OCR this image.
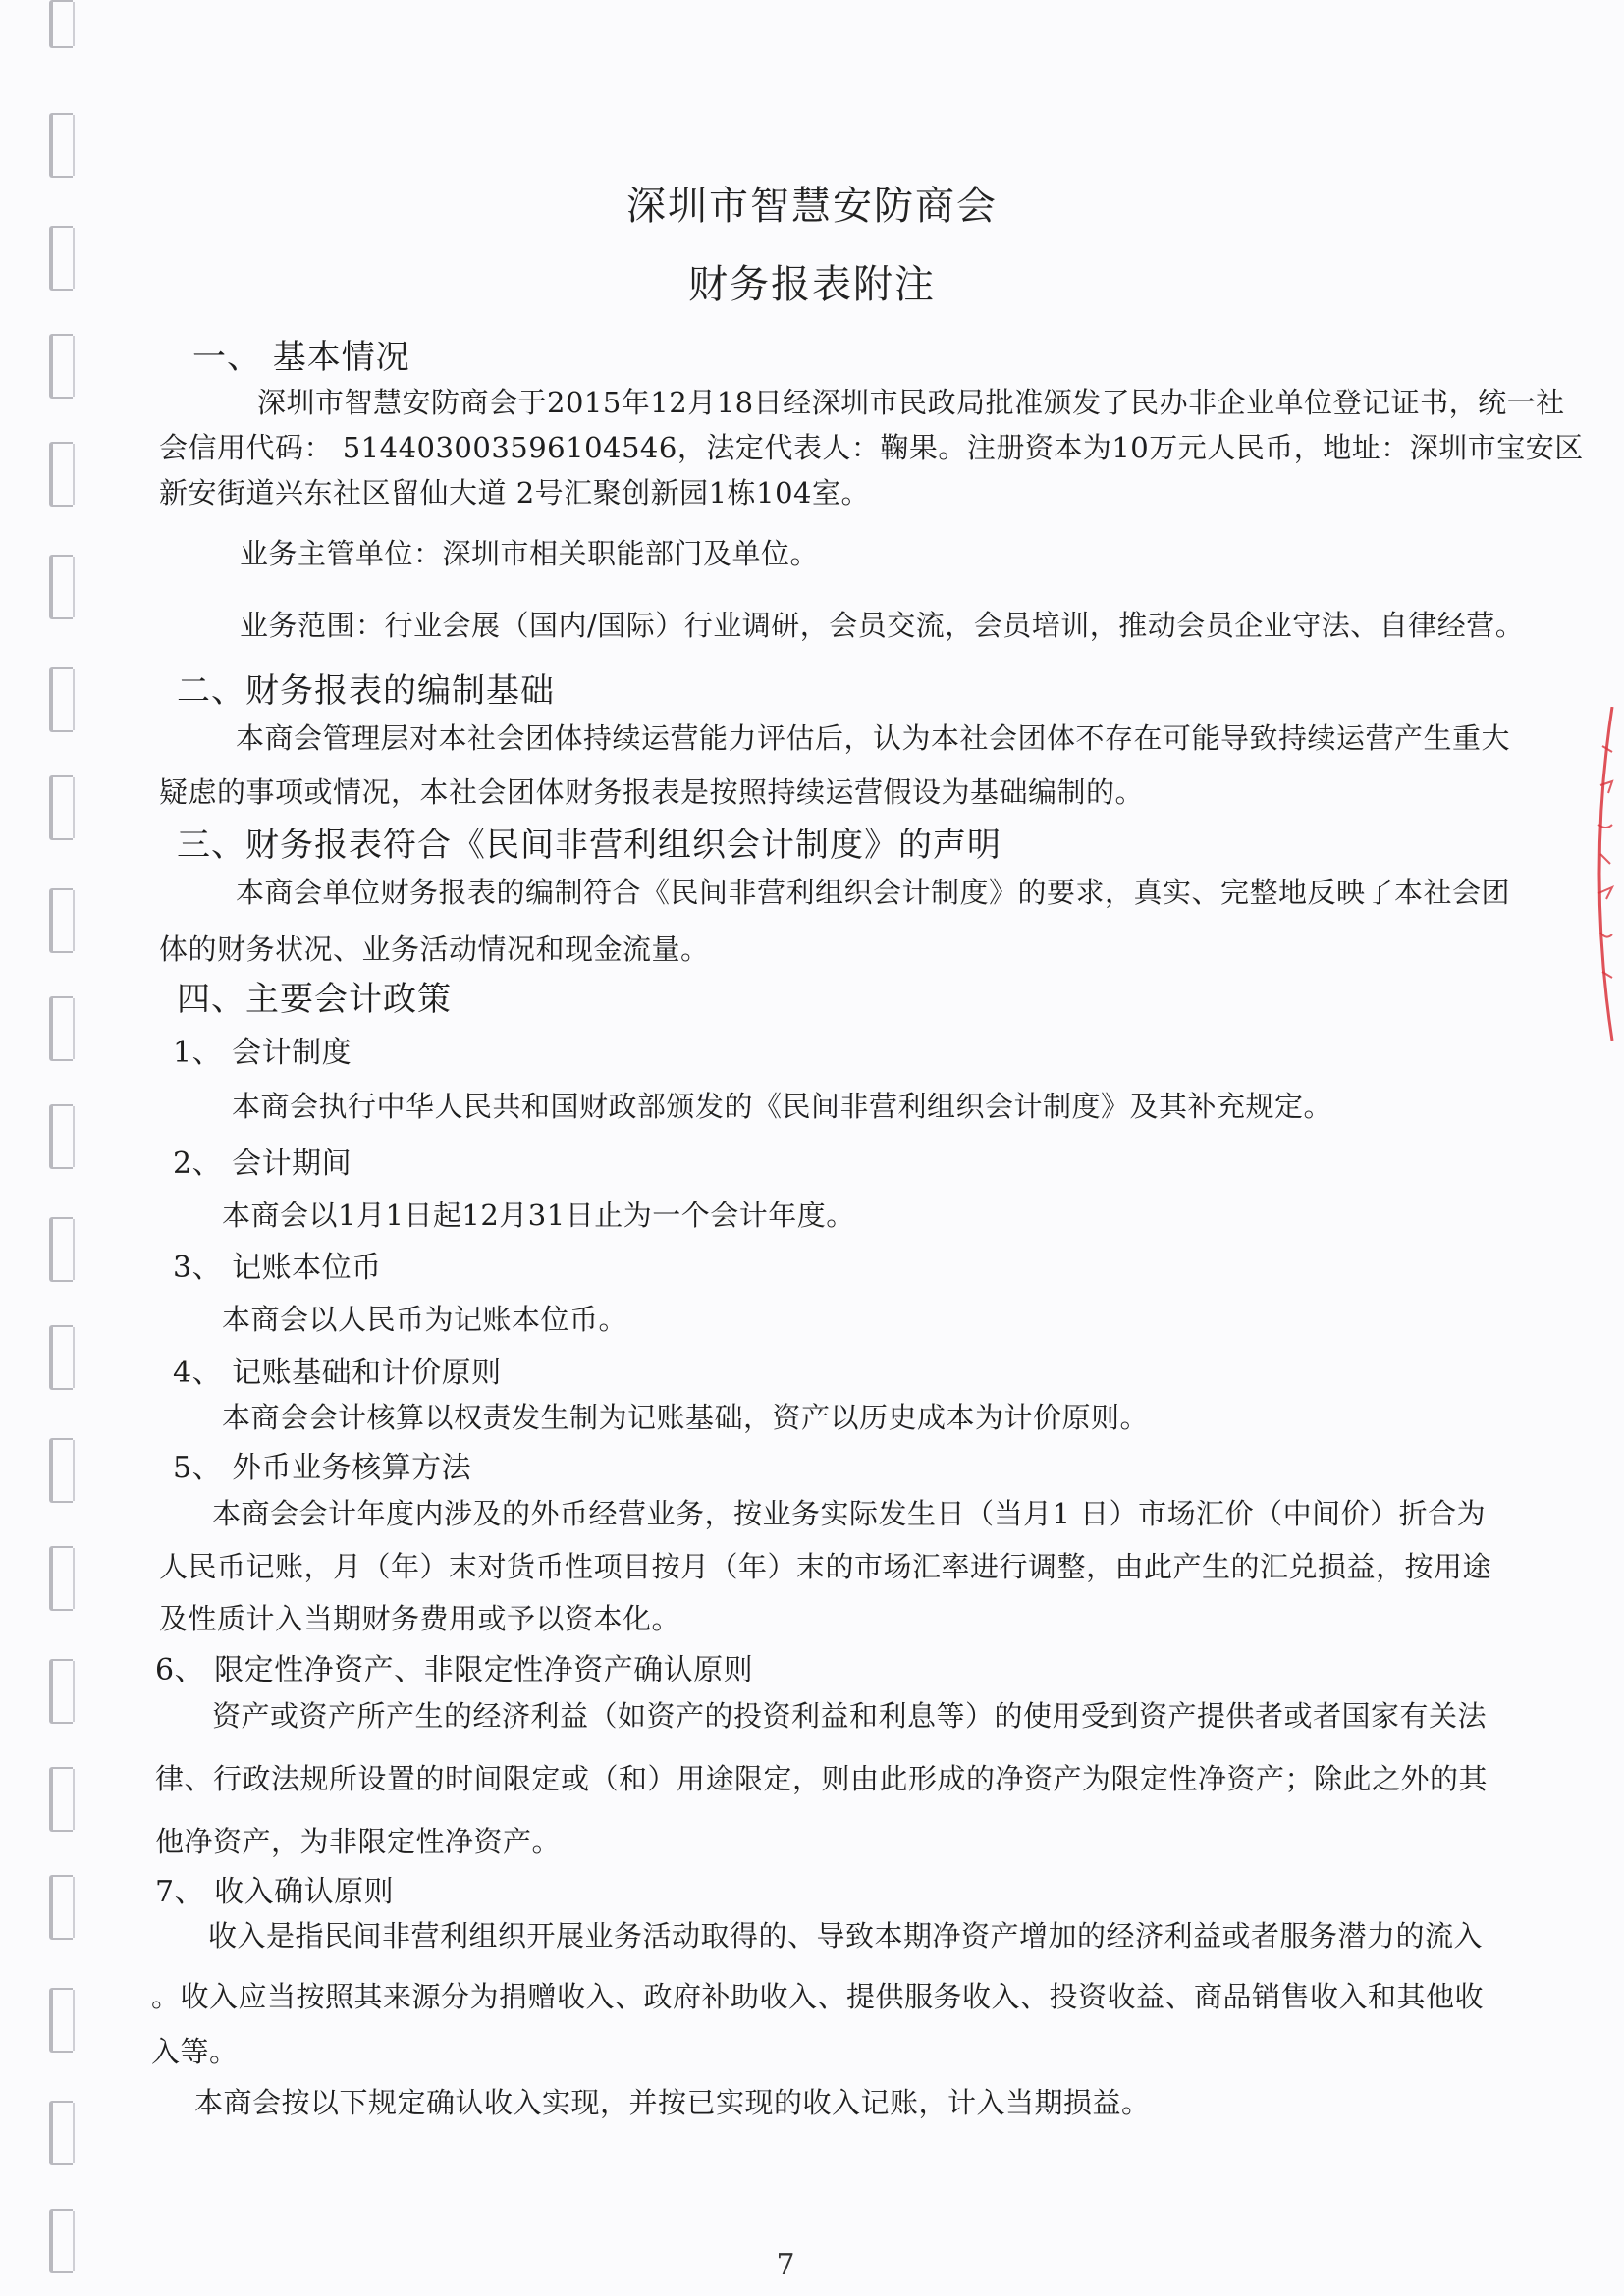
深圳市智慧安防商会
财务报表附注
一、 基本情况
深圳市智慧安防商会于2015年12月18日经深圳市民政局批准颁发了民办非企业单位登记证书，统一社
会信用代码： 514403003596104546，法定代表人：鞠果。注册资本为10万元人民币，地址：深圳市宝安区
新安街道兴东社区留仙大道 2号汇聚创新园1栋104室。
业务主管单位：深圳市相关职能部门及单位。
业务范围：行业会展（国内/国际）行业调研，会员交流，会员培训，推动会员企业守法、自律经营。
二、财务报表的编制基础
本商会管理层对本社会团体持续运营能力评估后，认为本社会团体不存在可能导致持续运营产生重大
疑虑的事项或情况，本社会团体财务报表是按照持续运营假设为基础编制的。
三、财务报表符合《民间非营利组织会计制度》的声明
本商会单位财务报表的编制符合《民间非营利组织会计制度》的要求，真实、完整地反映了本社会团
体的财务状况、业务活动情况和现金流量。
四、主要会计政策
1、 会计制度
本商会执行中华人民共和国财政部颁发的《民间非营利组织会计制度》及其补充规定。
2、 会计期间
本商会以1月1日起12月31日止为一个会计年度。
3、 记账本位币
本商会以人民币为记账本位币。
4、 记账基础和计价原则
本商会会计核算以权责发生制为记账基础，资产以历史成本为计价原则。
5、 外币业务核算方法
本商会会计年度内涉及的外币经营业务，按业务实际发生日（当月1 日）市场汇价（中间价）折合为
人民币记账，月（年）末对货币性项目按月（年）末的市场汇率进行调整，由此产生的汇兑损益，按用途
及性质计入当期财务费用或予以资本化。
6、 限定性净资产、非限定性净资产确认原则
资产或资产所产生的经济利益（如资产的投资利益和利息等）的使用受到资产提供者或者国家有关法
律、行政法规所设置的时间限定或（和）用途限定，则由此形成的净资产为限定性净资产；除此之外的其
他净资产，为非限定性净资产。
7、 收入确认原则
收入是指民间非营利组织开展业务活动取得的、导致本期净资产增加的经济利益或者服务潜力的流入
。收入应当按照其来源分为捐赠收入、政府补助收入、提供服务收入、投资收益、商品销售收入和其他收
入等。
本商会按以下规定确认收入实现，并按已实现的收入记账，计入当期损益。
7
